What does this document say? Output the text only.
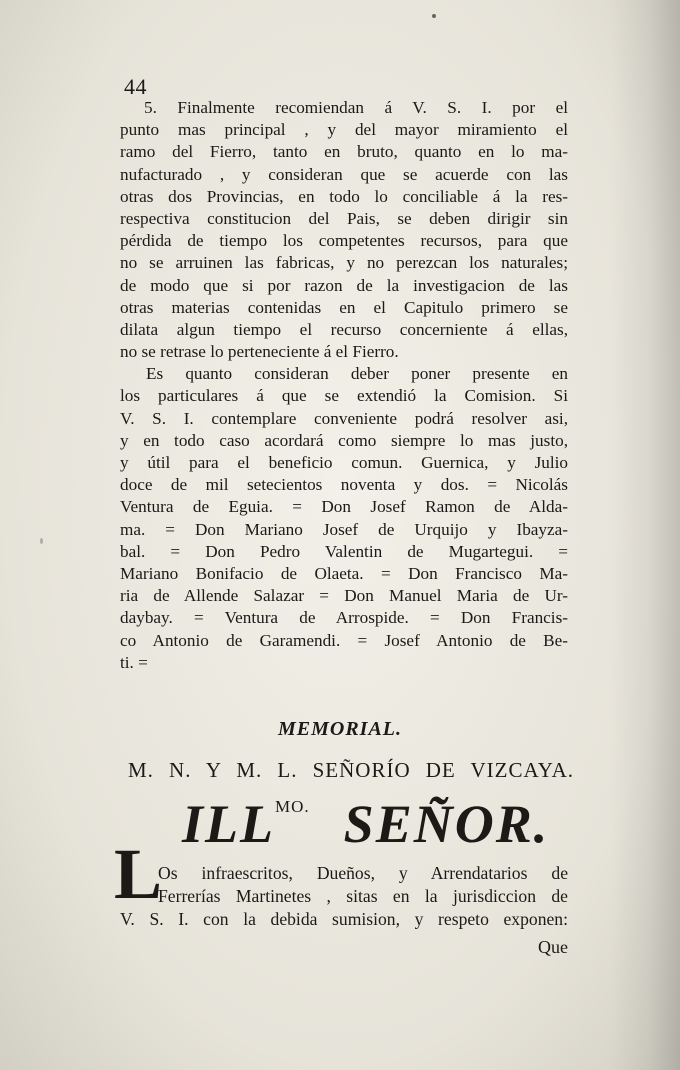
44
5. Finalmente recomiendan á V. S. I. por el
punto mas principal , y del mayor miramiento el
ramo del Fierro, tanto en bruto, quanto en lo ma-
nufacturado , y consideran que se acuerde con las
otras dos Provincias, en todo lo conciliable á la res-
respectiva constitucion del Pais, se deben dirigir sin
pérdida de tiempo los competentes recursos, para que
no se arruinen las fabricas, y no perezcan los naturales;
de modo que si por razon de la investigacion de las
otras materias contenidas en el Capitulo primero se
dilata algun tiempo el recurso concerniente á ellas,
no se retrase lo perteneciente á el Fierro.
Es quanto consideran deber poner presente en
los particulares á que se extendió la Comision. Si
V. S. I. contemplare conveniente podrá resolver asi,
y en todo caso acordará como siempre lo mas justo,
y útil para el beneficio comun. Guernica, y Julio
doce de mil setecientos noventa y dos. = Nicolás
Ventura de Eguia. = Don Josef Ramon de Alda-
ma. = Don Mariano Josef de Urquijo y Ibayza-
bal. = Don Pedro Valentin de Mugartegui. =
Mariano Bonifacio de Olaeta. = Don Francisco Ma-
ria de Allende Salazar = Don Manuel Maria de Ur-
daybay. = Ventura de Arrospide. = Don Francis-
co Antonio de Garamendi. = Josef Antonio de Be-
ti. =
MEMORIAL.
M. N. Y M. L. SEÑORÍO DE VIZCAYA.
$ILL^{MO.}$ SEÑOR.
L
Os infraescritos, Dueños, y Arrendatarios de
Ferrerías Martinetes , sitas en la jurisdiccion de
V. S. I. con la debida sumision, y respeto exponen:
Que
